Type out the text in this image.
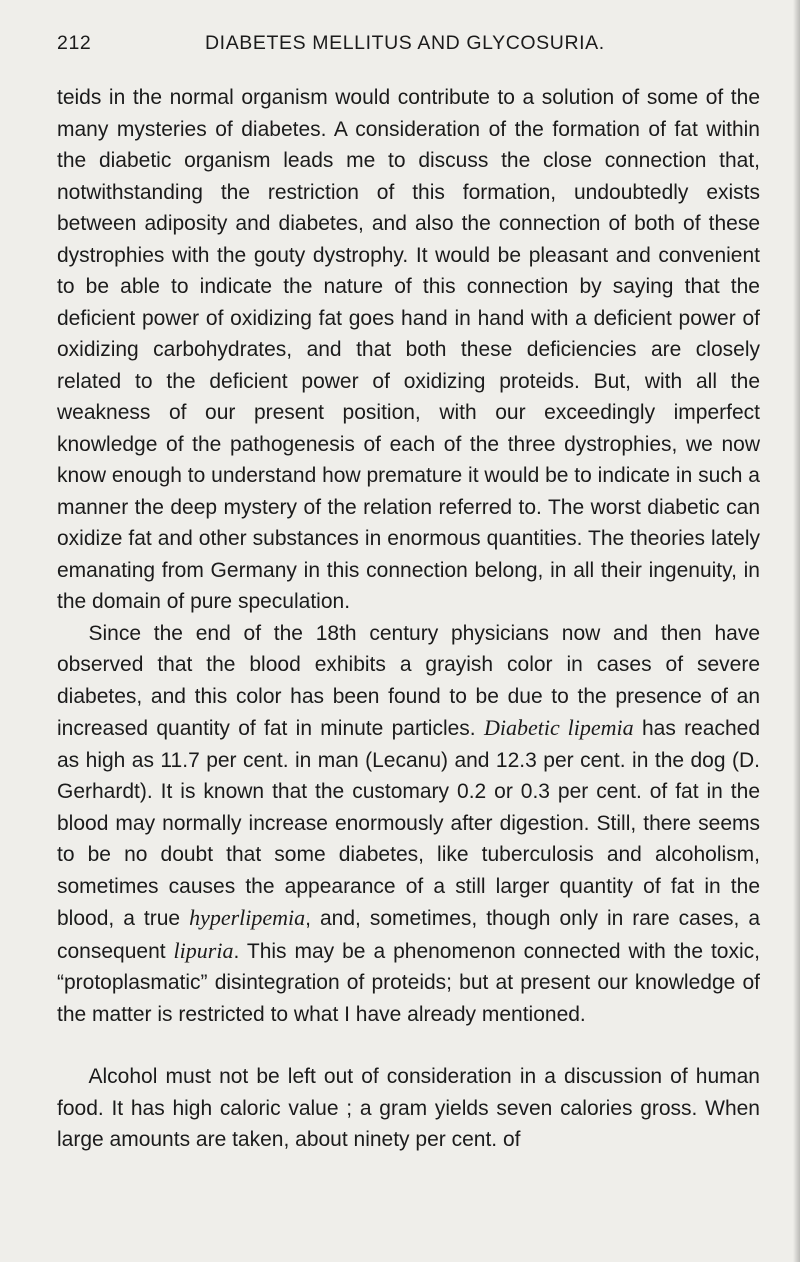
212	DIABETES MELLITUS AND GLYCOSURIA.

teids in the normal organism would contribute to a solution of some of the many mysteries of diabetes. A consideration of the formation of fat within the diabetic organism leads me to discuss the close connection that, notwithstanding the restriction of this formation, undoubtedly exists between adiposity and diabetes, and also the connection of both of these dystrophies with the gouty dystrophy. It would be pleasant and convenient to be able to indicate the nature of this connection by saying that the deficient power of oxidizing fat goes hand in hand with a deficient power of oxidizing carbohydrates, and that both these deficiencies are closely related to the deficient power of oxidizing proteids. But, with all the weakness of our present position, with our exceedingly imperfect knowledge of the pathogenesis of each of the three dystrophies, we now know enough to understand how premature it would be to indicate in such a manner the deep mystery of the relation referred to. The worst diabetic can oxidize fat and other substances in enormous quantities. The theories lately emanating from Germany in this connection belong, in all their ingenuity, in the domain of pure speculation.

Since the end of the 18th century physicians now and then have observed that the blood exhibits a grayish color in cases of severe diabetes, and this color has been found to be due to the presence of an increased quantity of fat in minute particles. Diabetic lipemia has reached as high as 11.7 per cent. in man (Lecanu) and 12.3 per cent. in the dog (D. Gerhardt). It is known that the customary 0.2 or 0.3 per cent. of fat in the blood may normally increase enormously after digestion. Still, there seems to be no doubt that some diabetes, like tuberculosis and alcoholism, sometimes causes the appearance of a still larger quantity of fat in the blood, a true hyperlipemia, and, sometimes, though only in rare cases, a consequent lipuria. This may be a phenomenon connected with the toxic, “protoplasmatic” disintegration of proteids; but at present our knowledge of the matter is restricted to what I have already mentioned.

Alcohol must not be left out of consideration in a discussion of human food. It has high caloric value ; a gram yields seven calories gross. When large amounts are taken, about ninety per cent. of
